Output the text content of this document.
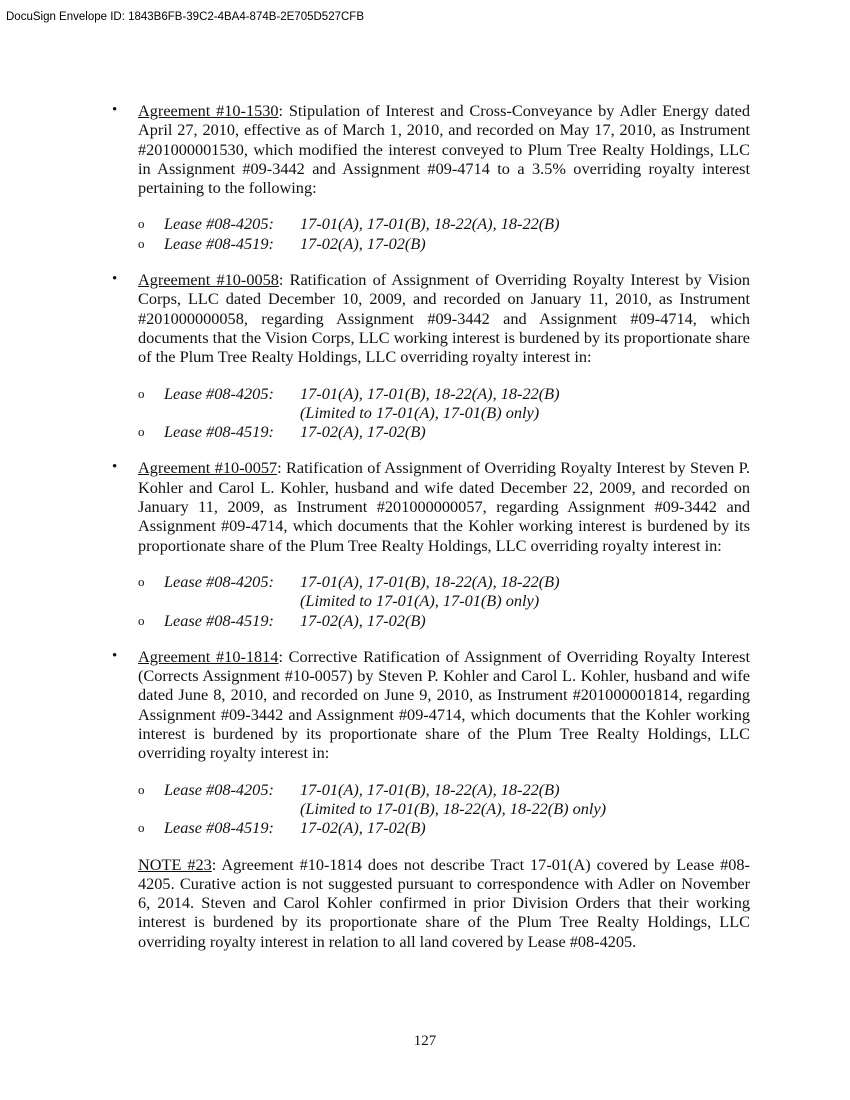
DocuSign Envelope ID: 1843B6FB-39C2-4BA4-874B-2E705D527CFB
• Agreement #10-1530: Stipulation of Interest and Cross-Conveyance by Adler Energy dated April 27, 2010, effective as of March 1, 2010, and recorded on May 17, 2010, as Instrument #201000001530, which modified the interest conveyed to Plum Tree Realty Holdings, LLC in Assignment #09-3442 and Assignment #09-4714 to a 3.5% overriding royalty interest pertaining to the following:
o Lease #08-4205: 17-01(A), 17-01(B), 18-22(A), 18-22(B)
o Lease #08-4519: 17-02(A), 17-02(B)
• Agreement #10-0058: Ratification of Assignment of Overriding Royalty Interest by Vision Corps, LLC dated December 10, 2009, and recorded on January 11, 2010, as Instrument #201000000058, regarding Assignment #09-3442 and Assignment #09-4714, which documents that the Vision Corps, LLC working interest is burdened by its proportionate share of the Plum Tree Realty Holdings, LLC overriding royalty interest in:
o Lease #08-4205: 17-01(A), 17-01(B), 18-22(A), 18-22(B)
(Limited to 17-01(A), 17-01(B) only)
o Lease #08-4519: 17-02(A), 17-02(B)
• Agreement #10-0057: Ratification of Assignment of Overriding Royalty Interest by Steven P. Kohler and Carol L. Kohler, husband and wife dated December 22, 2009, and recorded on January 11, 2009, as Instrument #201000000057, regarding Assignment #09-3442 and Assignment #09-4714, which documents that the Kohler working interest is burdened by its proportionate share of the Plum Tree Realty Holdings, LLC overriding royalty interest in:
o Lease #08-4205: 17-01(A), 17-01(B), 18-22(A), 18-22(B)
(Limited to 17-01(A), 17-01(B) only)
o Lease #08-4519: 17-02(A), 17-02(B)
• Agreement #10-1814: Corrective Ratification of Assignment of Overriding Royalty Interest (Corrects Assignment #10-0057) by Steven P. Kohler and Carol L. Kohler, husband and wife dated June 8, 2010, and recorded on June 9, 2010, as Instrument #201000001814, regarding Assignment #09-3442 and Assignment #09-4714, which documents that the Kohler working interest is burdened by its proportionate share of the Plum Tree Realty Holdings, LLC overriding royalty interest in:
o Lease #08-4205: 17-01(A), 17-01(B), 18-22(A), 18-22(B)
(Limited to 17-01(B), 18-22(A), 18-22(B) only)
o Lease #08-4519: 17-02(A), 17-02(B)
NOTE #23: Agreement #10-1814 does not describe Tract 17-01(A) covered by Lease #08-4205. Curative action is not suggested pursuant to correspondence with Adler on November 6, 2014. Steven and Carol Kohler confirmed in prior Division Orders that their working interest is burdened by its proportionate share of the Plum Tree Realty Holdings, LLC overriding royalty interest in relation to all land covered by Lease #08-4205.
127
